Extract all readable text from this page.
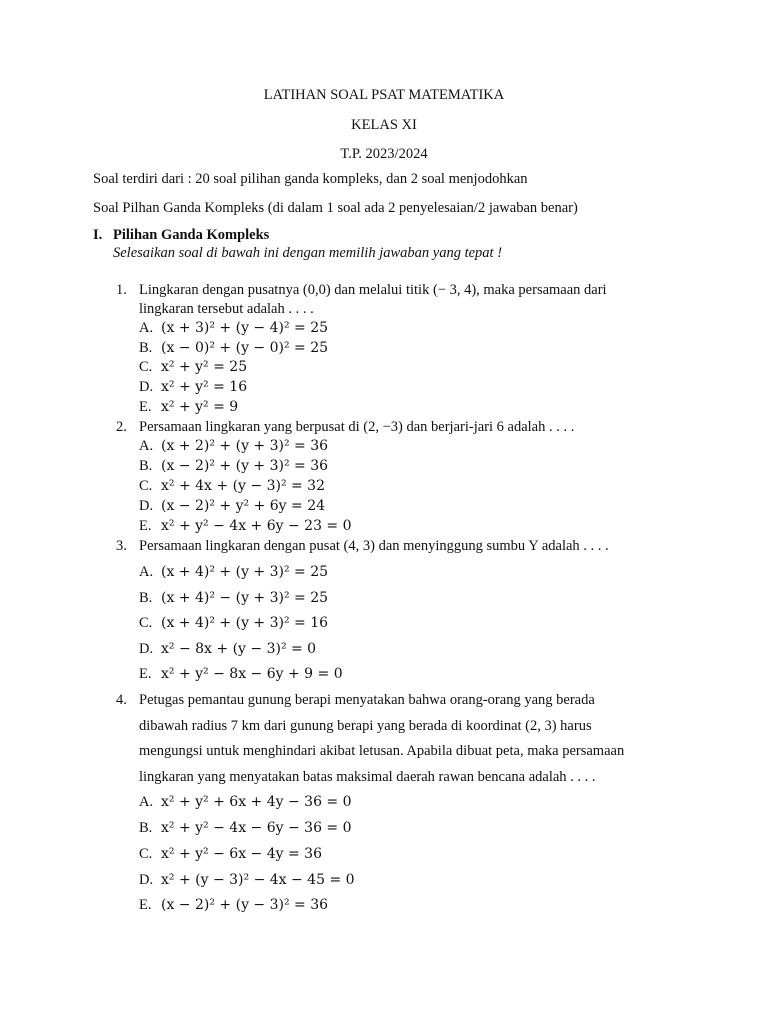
LATIHAN SOAL PSAT MATEMATIKA
KELAS XI
T.P. 2023/2024
Soal terdiri dari : 20 soal pilihan ganda kompleks, dan 2 soal menjodohkan
Soal Pilhan Ganda Kompleks (di dalam 1 soal ada 2 penyelesaian/2 jawaban benar)
I. Pilihan Ganda Kompleks
Selesaikan soal di bawah ini dengan memilih jawaban yang tepat !
1. Lingkaran dengan pusatnya (0,0) dan melalui titik (− 3, 4), maka persamaan dari
lingkaran tersebut adalah . . . .
A. (x + 3)² + (y − 4)² = 25
B. (x − 0)² + (y − 0)² = 25
C. x² + y² = 25
D. x² + y² = 16
E. x² + y² = 9
2. Persamaan lingkaran yang berpusat di (2, −3) dan berjari-jari 6 adalah . . . .
A. (x + 2)² + (y + 3)² = 36
B. (x − 2)² + (y + 3)² = 36
C. x² + 4x + (y − 3)² = 32
D. (x − 2)² + y² + 6y = 24
E. x² + y² − 4x + 6y − 23 = 0
3. Persamaan lingkaran dengan pusat (4, 3) dan menyinggung sumbu Y adalah . . . .
A. (x + 4)² + (y + 3)² = 25
B. (x + 4)² − (y + 3)² = 25
C. (x + 4)² + (y + 3)² = 16
D. x² − 8x + (y − 3)² = 0
E. x² + y² − 8x − 6y + 9 = 0
4. Petugas pemantau gunung berapi menyatakan bahwa orang-orang yang berada
dibawah radius 7 km dari gunung berapi yang berada di koordinat (2, 3) harus
mengungsi untuk menghindari akibat letusan. Apabila dibuat peta, maka persamaan
lingkaran yang menyatakan batas maksimal daerah rawan bencana adalah . . . .
A. x² + y² + 6x + 4y − 36 = 0
B. x² + y² − 4x − 6y − 36 = 0
C. x² + y² − 6x − 4y = 36
D. x² + (y − 3)² − 4x − 45 = 0
E. (x − 2)² + (y − 3)² = 36
